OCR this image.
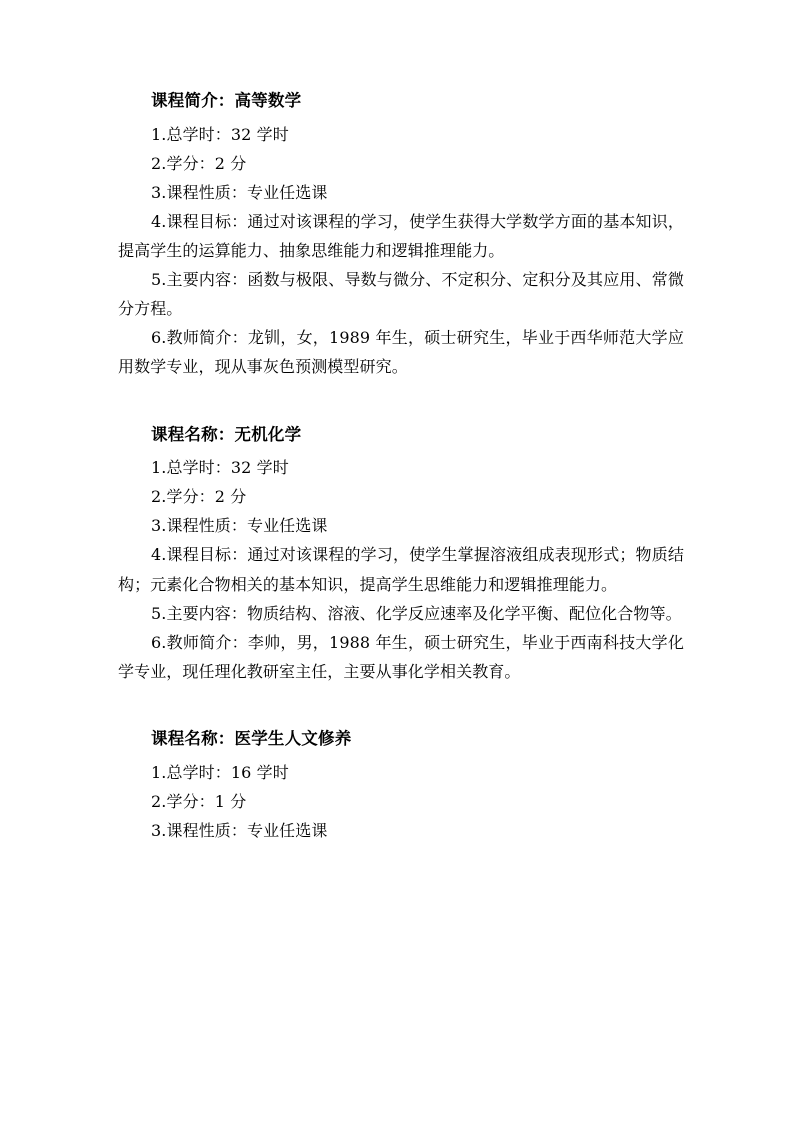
课程简介：高等数学

1.总学时：32 学时

2.学分：2 分

3.课程性质：专业任选课

4.课程目标：通过对该课程的学习，使学生获得大学数学方面的基本知识，提高学生的运算能力、抽象思维能力和逻辑推理能力。

5.主要内容：函数与极限、导数与微分、不定积分、定积分及其应用、常微分方程。

6.教师简介：龙钏，女，1989 年生，硕士研究生，毕业于西华师范大学应用数学专业，现从事灰色预测模型研究。

课程名称：无机化学

1.总学时：32 学时

2.学分：2 分

3.课程性质：专业任选课

4.课程目标：通过对该课程的学习，使学生掌握溶液组成表现形式；物质结构；元素化合物相关的基本知识，提高学生思维能力和逻辑推理能力。

5.主要内容：物质结构、溶液、化学反应速率及化学平衡、配位化合物等。

6.教师简介：李帅，男，1988 年生，硕士研究生，毕业于西南科技大学化学专业，现任理化教研室主任，主要从事化学相关教育。

课程名称：医学生人文修养

1.总学时：16 学时

2.学分：1 分

3.课程性质：专业任选课
